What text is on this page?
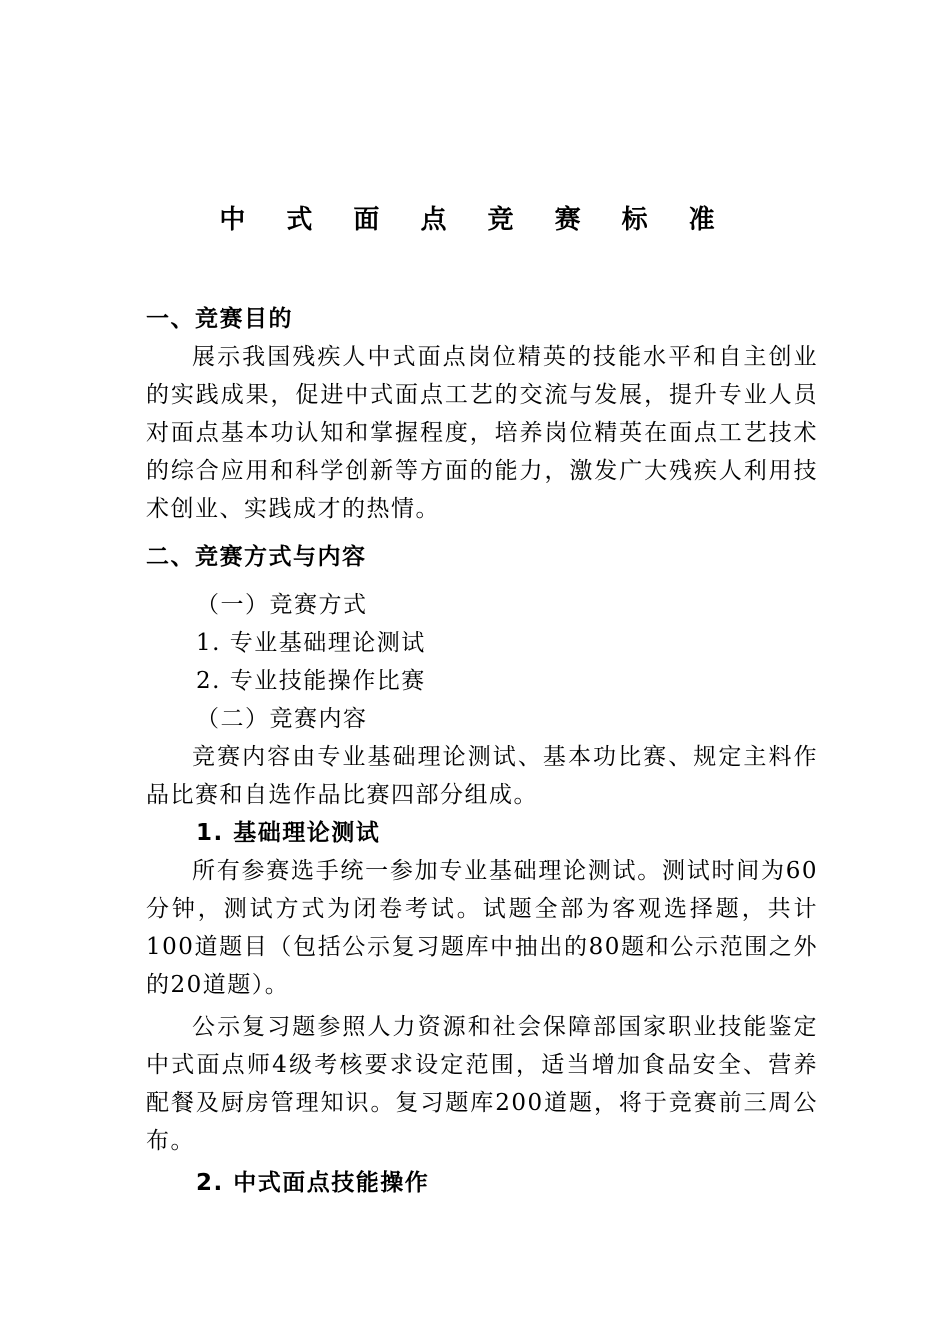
中 式 面 点 竞 赛 标 准
一、竞赛目的
展示我国残疾人中式面点岗位精英的技能水平和自主创业的实践成果，促进中式面点工艺的交流与发展，提升专业人员对面点基本功认知和掌握程度，培养岗位精英在面点工艺技术的综合应用和科学创新等方面的能力，激发广大残疾人利用技术创业、实践成才的热情。
二、竞赛方式与内容
（一）竞赛方式
1. 专业基础理论测试
2. 专业技能操作比赛
（二）竞赛内容
竞赛内容由专业基础理论测试、基本功比赛、规定主料作品比赛和自选作品比赛四部分组成。
1. 基础理论测试
所有参赛选手统一参加专业基础理论测试。测试时间为60分钟，测试方式为闭卷考试。试题全部为客观选择题，共计100道题目（包括公示复习题库中抽出的80题和公示范围之外的20道题）。
公示复习题参照人力资源和社会保障部国家职业技能鉴定中式面点师4级考核要求设定范围，适当增加食品安全、营养配餐及厨房管理知识。复习题库200道题，将于竞赛前三周公布。
2. 中式面点技能操作
